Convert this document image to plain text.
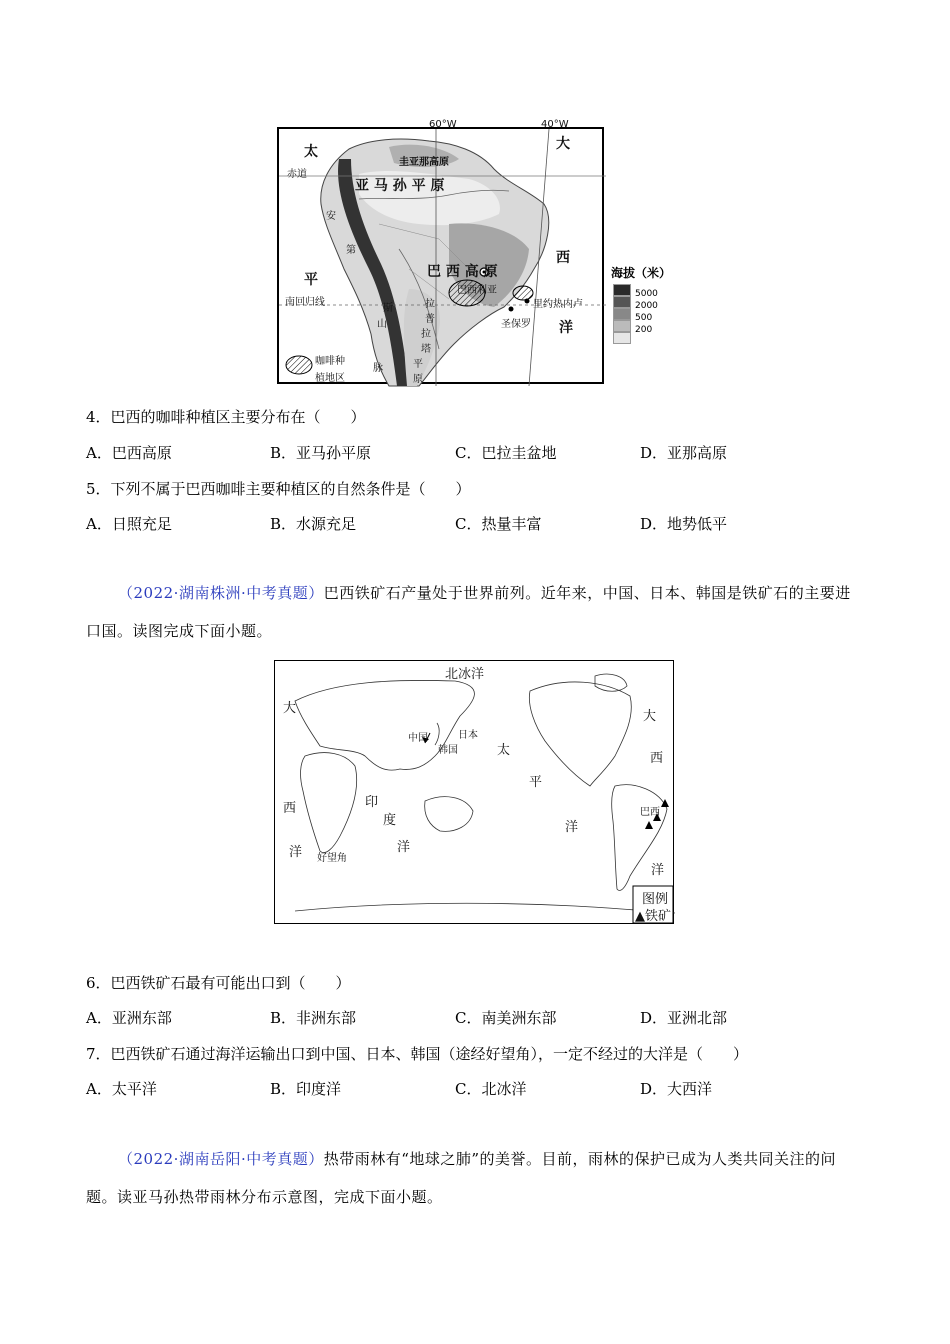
60°W	40°W
太
平
大
西
洋
赤道
南回归线
圭亚那高原
亚 马 孙 平 原
安
第
斯
山
脉
巴 西 高 原
拉
普
拉
塔
平
原
巴西利亚
里约热内卢
圣保罗
咖啡种
植地区
海拔（米）
5000
2000
500
200
4．巴西的咖啡种植区主要分布在（　　）
A．巴西高原	B．亚马孙平原	C．巴拉圭盆地	D．亚那高原
5．下列不属于巴西咖啡主要种植区的自然条件是（　　）
A．日照充足	B．水源充足	C．热量丰富	D．地势低平
（2022·湖南株洲·中考真题）巴西铁矿石产量处于世界前列。近年来，中国、日本、韩国是铁矿石的主要进口国。读图完成下面小题。
北冰洋
大
西
洋
印
度
洋
太
平
洋
大
西
洋
中国	日本
韩国
巴西
好望角
图例
▲铁矿
6．巴西铁矿石最有可能出口到（　　）
A．亚洲东部	B．非洲东部	C．南美洲东部	D．亚洲北部
7．巴西铁矿石通过海洋运输出口到中国、日本、韩国（途经好望角），一定不经过的大洋是（　　）
A．太平洋	B．印度洋	C．北冰洋	D．大西洋
（2022·湖南岳阳·中考真题）热带雨林有“地球之肺”的美誉。目前，雨林的保护已成为人类共同关注的问题。读亚马孙热带雨林分布示意图，完成下面小题。
